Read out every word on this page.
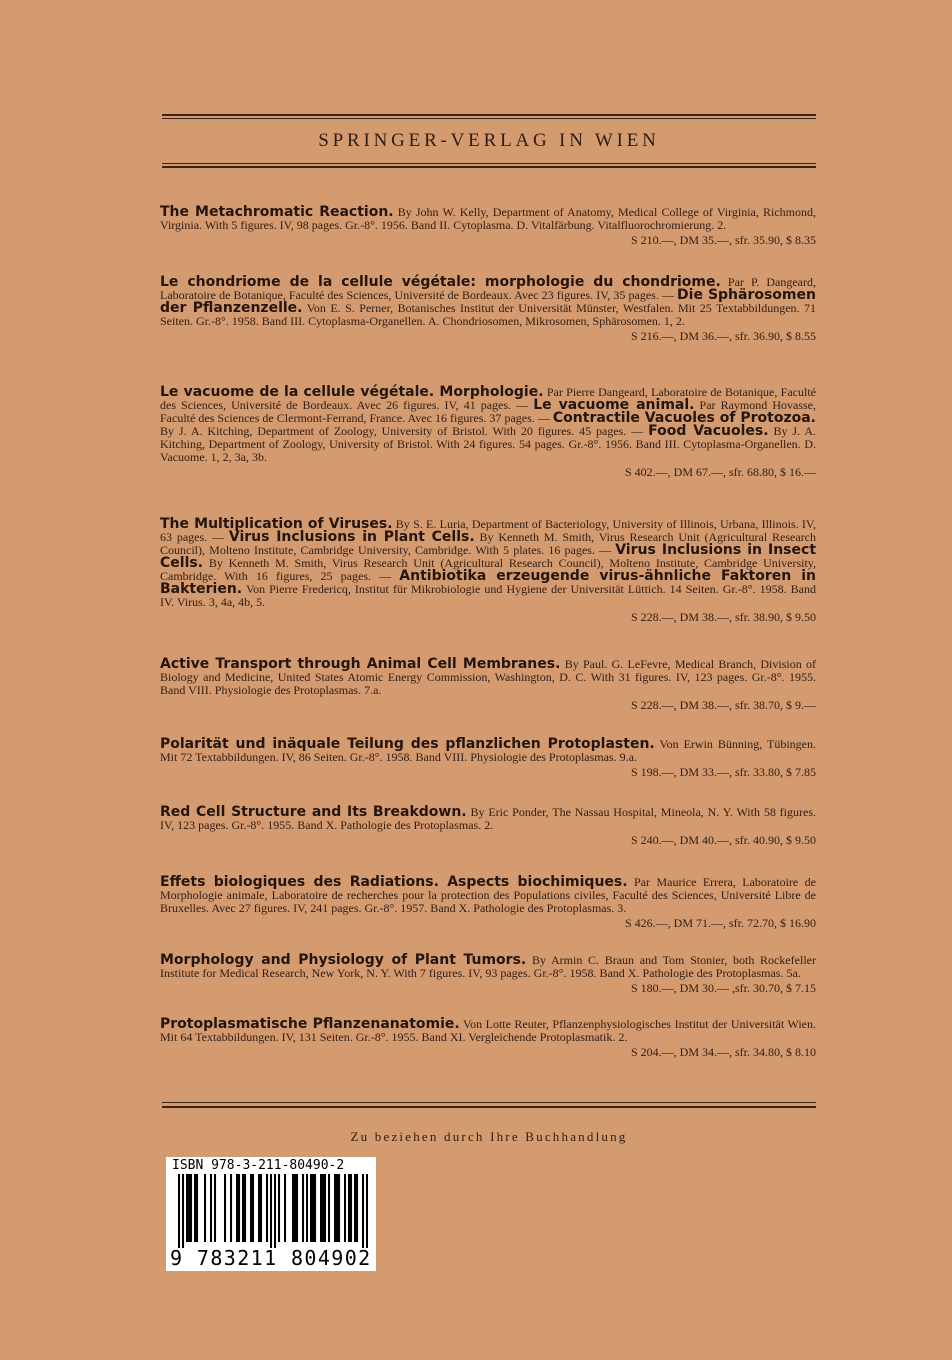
SPRINGER-VERLAG IN WIEN
The Metachromatic Reaction. By John W. Kelly, Department of Anatomy, Medical College of Virginia, Richmond, Virginia. With 5 figures. IV, 98 pages. Gr.-8°. 1956. Band II. Cytoplasma. D. Vitalfärbung. Vitalfluorochromierung. 2.
S 210.—, DM 35.—, sfr. 35.90, $ 8.35
Le chondriome de la cellule végétale: morphologie du chondriome. Par P. Dangeard, Laboratoire de Botanique, Faculté des Sciences, Université de Bordeaux. Avec 23 figures. IV, 35 pages. — Die Sphärosomen der Pflanzenzelle. Von E. S. Perner, Botanisches Institut der Universität Münster, Westfalen. Mit 25 Textabbildungen. 71 Seiten. Gr.-8°. 1958. Band III. Cytoplasma-Organellen. A. Chondriosomen, Mikrosomen, Sphärosomen. 1, 2.
S 216.—, DM 36.—, sfr. 36.90, $ 8.55
Le vacuome de la cellule végétale. Morphologie. Par Pierre Dangeard, Laboratoire de Botanique, Faculté des Sciences, Université de Bordeaux. Avec 26 figures. IV, 41 pages. — Le vacuome animal. Par Raymond Hovasse, Faculté des Sciences de Clermont-Ferrand, France. Avec 16 figures. 37 pages. — Contractile Vacuoles of Protozoa. By J. A. Kitching, Department of Zoology, University of Bristol. With 20 figures. 45 pages. — Food Vacuoles. By J. A. Kitching, Department of Zoology, University of Bristol. With 24 figures. 54 pages. Gr.-8°. 1956. Band III. Cytoplasma-Organellen. D. Vacuome. 1, 2, 3a, 3b.
S 402.—, DM 67.—, sfr. 68.80, $ 16.—
The Multiplication of Viruses. By S. E. Luria, Department of Bacteriology, University of Illinois, Urbana, Illinois. IV, 63 pages. — Virus Inclusions in Plant Cells. By Kenneth M. Smith, Virus Research Unit (Agricultural Research Council), Molteno Institute, Cambridge University, Cambridge. With 5 plates. 16 pages. — Virus Inclusions in Insect Cells. By Kenneth M. Smith, Virus Research Unit (Agricultural Research Council), Molteno Institute, Cambridge University, Cambridge. With 16 figures, 25 pages. — Antibiotika erzeugende virus-ähnliche Faktoren in Bakterien. Von Pierre Fredericq, Institut für Mikrobiologie und Hygiene der Universität Lüttich. 14 Seiten. Gr.-8°. 1958. Band IV. Virus. 3, 4a, 4b, 5.
S 228.—, DM 38.—, sfr. 38.90, $ 9.50
Active Transport through Animal Cell Membranes. By Paul. G. LeFevre, Medical Branch, Division of Biology and Medicine, United States Atomic Energy Commission, Washington, D. C. With 31 figures. IV, 123 pages. Gr.-8°. 1955. Band VIII. Physiologie des Protoplasmas. 7.a.
S 228.—, DM 38.—, sfr. 38.70, $ 9.—
Polarität und inäquale Teilung des pflanzlichen Protoplasten. Von Erwin Bünning, Tübingen. Mit 72 Textabbildungen. IV, 86 Seiten. Gr.-8°. 1958. Band VIII. Physiologie des Protoplasmas. 9.a.
S 198.—, DM 33.—, sfr. 33.80, $ 7.85
Red Cell Structure and Its Breakdown. By Eric Ponder, The Nassau Hospital, Mineola, N. Y. With 58 figures. IV, 123 pages. Gr.-8°. 1955. Band X. Pathologie des Protoplasmas. 2.
S 240.—, DM 40.—, sfr. 40.90, $ 9.50
Effets biologiques des Radiations. Aspects biochimiques. Par Maurice Errera, Laboratoire de Morphologie animale, Laboratoire de recherches pour la protection des Populations civiles, Faculté des Sciences, Université Libre de Bruxelles. Avec 27 figures. IV, 241 pages. Gr.-8°. 1957. Band X. Pathologie des Protoplasmas. 3.
S 426.—, DM 71.—, sfr. 72.70, $ 16.90
Morphology and Physiology of Plant Tumors. By Armin C. Braun and Tom Stonier, both Rockefeller Institute for Medical Research, New York, N. Y. With 7 figures. IV, 93 pages. Gr.-8°. 1958. Band X. Pathologie des Protoplasmas. 5a.
S 180.—, DM 30.— ,sfr. 30.70, $ 7.15
Protoplasmatische Pflanzenanatomie. Von Lotte Reuter, Pflanzenphysiologisches Institut der Universität Wien. Mit 64 Textabbildungen. IV, 131 Seiten. Gr.-8°. 1955. Band XI. Vergleichende Protoplasmatik. 2.
S 204.—, DM 34.—, sfr. 34.80, $ 8.10
Zu beziehen durch Ihre Buchhandlung
ISBN 978-3-211-80490-2
9 783211 804902
